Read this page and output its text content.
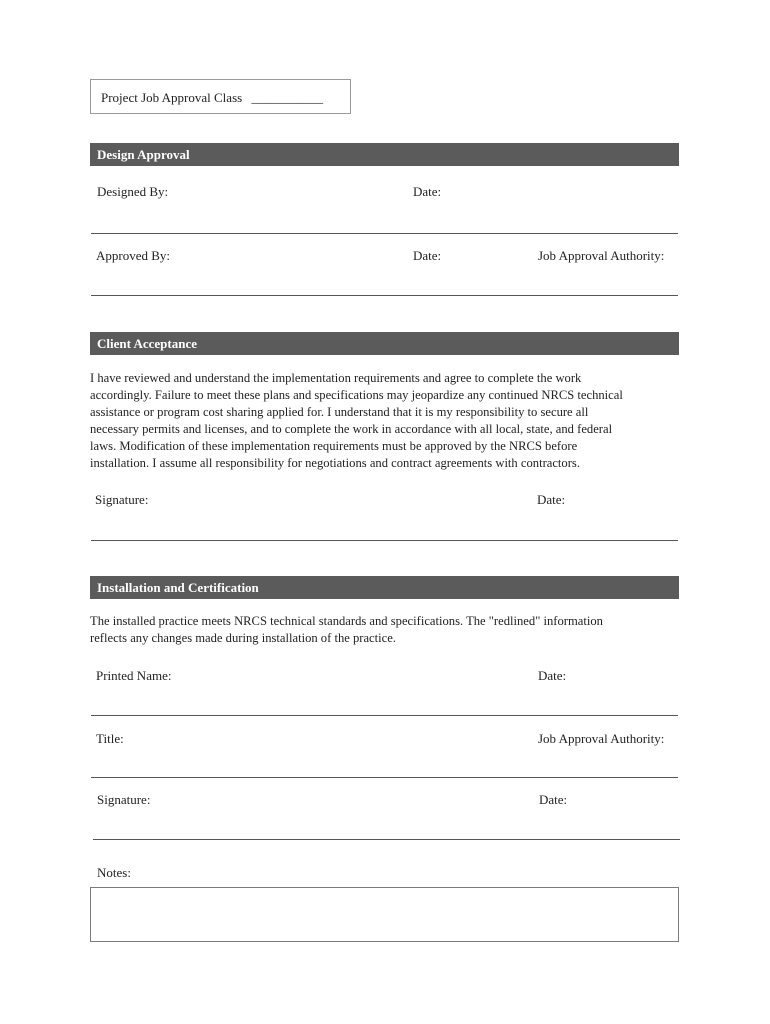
Project Job Approval Class ___________
Design Approval
Designed By:	Date:
Approved By:	Date:	Job Approval Authority:
Client Acceptance
I have reviewed and understand the implementation requirements and agree to complete the work
accordingly. Failure to meet these plans and specifications may jeopardize any continued NRCS technical
assistance or program cost sharing applied for. I understand that it is my responsibility to secure all
necessary permits and licenses, and to complete the work in accordance with all local, state, and federal
laws. Modification of these implementation requirements must be approved by the NRCS before
installation. I assume all responsibility for negotiations and contract agreements with contractors.
Signature:	Date:
Installation and Certification
The installed practice meets NRCS technical standards and specifications. The "redlined" information
reflects any changes made during installation of the practice.
Printed Name:	Date:
Title:	Job Approval Authority:
Signature:	Date:
Notes:
